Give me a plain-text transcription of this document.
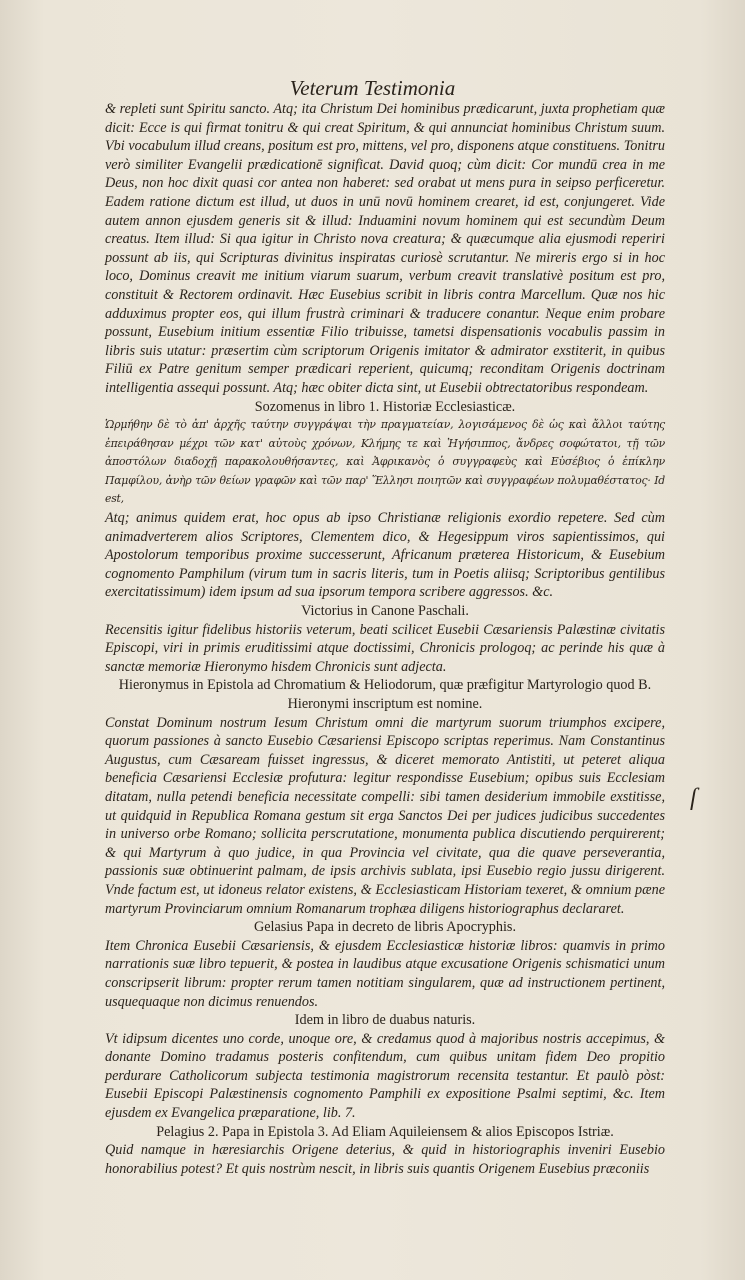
Veterum Testimonia

& repleti sunt Spiritu sancto. Atq; ita Christum Dei hominibus prædicarunt, juxta prophetiam quæ dicit: Ecce is qui firmat tonitru & qui creat Spiritum, & qui annunciat hominibus Christum suum. Vbi vocabulum illud creans, positum est pro, mittens, vel pro, disponens atque constituens. Tonitru verò similiter Evangelii prædicationē significat. David quoq; cùm dicit: Cor mundū crea in me Deus, non hoc dixit quasi cor antea non haberet: sed orabat ut mens pura in seipso perficeretur. Eadem ratione dictum est illud, ut duos in unū novū hominem crearet, id est, conjungeret. Vide autem annon ejusdem generis sit & illud: Induamini novum hominem qui est secundùm Deum creatus. Item illud: Si qua igitur in Christo nova creatura; & quæcumque alia ejusmodi reperiri possunt ab iis, qui Scripturas divinitus inspiratas curiosè scrutantur. Ne mireris ergo si in hoc loco, Dominus creavit me initium viarum suarum, verbum creavit translativè positum est pro, constituit & Rectorem ordinavit. Hæc Eusebius scribit in libris contra Marcellum. Quæ nos hic adduximus propter eos, qui illum frustrà criminari & traducere conantur. Neque enim probare possunt, Eusebium initium essentiæ Filio tribuisse, tametsi dispensationis vocabulis passim in libris suis utatur: præsertim cùm scriptorum Origenis imitator & admirator exstiterit, in quibus Filiū ex Patre genitum semper prædicari reperient, quicumq; reconditam Origenis doctrinam intelligentia assequi possunt. Atq; hæc obiter dicta sint, ut Eusebii obtrectatoribus respondeam.

Sozomenus in libro 1. Historiæ Ecclesiasticæ.

Ὡρμήθην δὲ τὸ ἀπ' ἀρχῆς ταύτην συγγράψαι τὴν πραγματείαν, λογισάμενος δὲ ὡς καὶ ἄλλοι ταύτης ἐπειράθησαν μέχρι τῶν κατ' αὐτοὺς χρόνων, Κλήμης τε καὶ Ἡγήσιππος, ἄνδρες σοφώτατοι, τῇ τῶν ἀποστόλων διαδοχῇ παρακολουθήσαντες, καὶ Ἀφρικανὸς ὁ συγγραφεὺς καὶ Εὐσέβιος ὁ ἐπίκλην Παμφίλου, ἀνὴρ τῶν θείων γραφῶν καὶ τῶν παρ' Ἕλλησι ποιητῶν καὶ συγγραφέων πολυμαθέστατος· Id est,

Atq; animus quidem erat, hoc opus ab ipso Christianæ religionis exordio repetere. Sed cùm animadverterem alios Scriptores, Clementem dico, & Hegesippum viros sapientissimos, qui Apostolorum temporibus proxime successerunt, Africanum præterea Historicum, & Eusebium cognomento Pamphilum (virum tum in sacris literis, tum in Poetis aliisq; Scriptoribus gentilibus exercitatissimum) idem ipsum ad sua ipsorum tempora scribere aggressos. &c.

Victorius in Canone Paschali.

Recensitis igitur fidelibus historiis veterum, beati scilicet Eusebii Cæsariensis Palæstinæ civitatis Episcopi, viri in primis eruditissimi atque doctissimi, Chronicis prologoq; ac perinde his quæ à sanctæ memoriæ Hieronymo hisdem Chronicis sunt adjecta.

Hieronymus in Epistola ad Chromatium & Heliodorum, quæ præfigitur Martyrologio quod B. Hieronymi inscriptum est nomine.

Constat Dominum nostrum Iesum Christum omni die martyrum suorum triumphos excipere, quorum passiones à sancto Eusebio Cæsariensi Episcopo scriptas reperimus. Nam Constantinus Augustus, cum Cæsaream fuisset ingressus, & diceret memorato Antistiti, ut peteret aliqua beneficia Cæsariensi Ecclesiæ profutura: legitur respondisse Eusebium; opibus suis Ecclesiam ditatam, nulla petendi beneficia necessitate compelli: sibi tamen desiderium immobile exstitisse, ut quidquid in Republica Romana gestum sit erga Sanctos Dei per judices judicibus succedentes in universo orbe Romano; sollicita perscrutatione, monumenta publica discutiendo perquirerent; & qui Martyrum à quo judice, in qua Provincia vel civitate, qua die quave perseverantia, passionis suæ obtinuerint palmam, de ipsis archivis sublata, ipsi Eusebio regio jussu dirigerent. Vnde factum est, ut idoneus relator existens, & Ecclesiasticam Historiam texeret, & omnium pæne martyrum Provinciarum omnium Romanarum trophæa diligens historiographus declararet.

Gelasius Papa in decreto de libris Apocryphis.

Item Chronica Eusebii Cæsariensis, & ejusdem Ecclesiasticæ historiæ libros: quamvis in primo narrationis suæ libro tepuerit, & postea in laudibus atque excusatione Origenis schismatici unum conscripserit librum: propter rerum tamen notitiam singularem, quæ ad instructionem pertinent, usquequaque non dicimus renuendos.

Idem in libro de duabus naturis.

Vt idipsum dicentes uno corde, unoque ore, & credamus quod à majoribus nostris accepimus, & donante Domino tradamus posteris confitendum, cum quibus unitam fidem Deo propitio perdurare Catholicorum subjecta testimonia magistrorum recensita testantur. Et paulò pòst: Eusebii Episcopi Palæstinensis cognomento Pamphili ex expositione Psalmi septimi, &c. Item ejusdem ex Evangelica præparatione, lib. 7.

Pelagius 2. Papa in Epistola 3. Ad Eliam Aquileiensem & alios Episcopos Istriæ.

Quid namque in hæresiarchis Origene deterius, & quid in historiographis inveniri Eusebio honorabilius potest? Et quis nostrùm nescit, in libris suis quantis Origenem Eusebius præconiis

ſ
